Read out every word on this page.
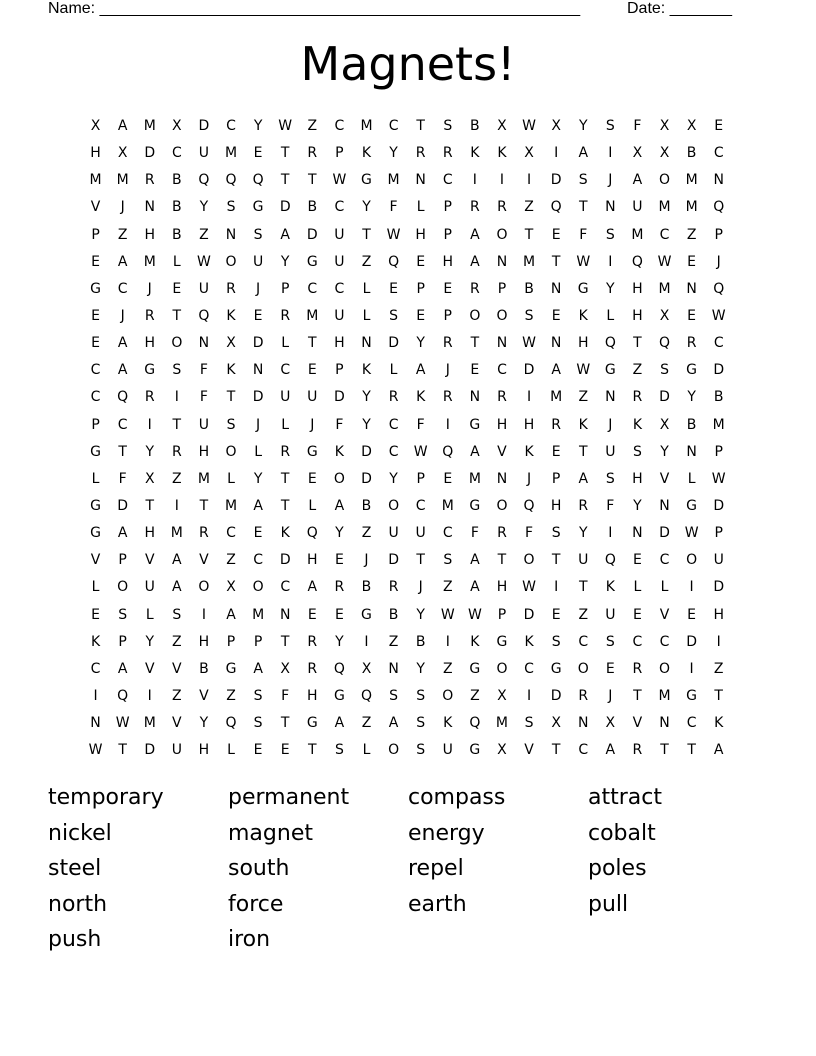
Name: ______________________________________________________	Date: _______
Magnets!
X	A	M	X	D	C	Y	W	Z	C	M	C	T	S	B	X	W	X	Y	S	F	X	X	E
H	X	D	C	U	M	E	T	R	P	K	Y	R	R	K	K	X	I	A	I	X	X	B	C
M	M	R	B	Q	Q	Q	T	T	W	G	M	N	C	I	I	I	D	S	J	A	O	M	N
V	J	N	B	Y	S	G	D	B	C	Y	F	L	P	R	R	Z	Q	T	N	U	M	M	Q
P	Z	H	B	Z	N	S	A	D	U	T	W	H	P	A	O	T	E	F	S	M	C	Z	P
E	A	M	L	W	O	U	Y	G	U	Z	Q	E	H	A	N	M	T	W	I	Q	W	E	J
G	C	J	E	U	R	J	P	C	C	L	E	P	E	R	P	B	N	G	Y	H	M	N	Q
E	J	R	T	Q	K	E	R	M	U	L	S	E	P	O	O	S	E	K	L	H	X	E	W
E	A	H	O	N	X	D	L	T	H	N	D	Y	R	T	N	W	N	H	Q	T	Q	R	C
C	A	G	S	F	K	N	C	E	P	K	L	A	J	E	C	D	A	W	G	Z	S	G	D
C	Q	R	I	F	T	D	U	U	D	Y	R	K	R	N	R	I	M	Z	N	R	D	Y	B
P	C	I	T	U	S	J	L	J	F	Y	C	F	I	G	H	H	R	K	J	K	X	B	M
G	T	Y	R	H	O	L	R	G	K	D	C	W	Q	A	V	K	E	T	U	S	Y	N	P
L	F	X	Z	M	L	Y	T	E	O	D	Y	P	E	M	N	J	P	A	S	H	V	L	W
G	D	T	I	T	M	A	T	L	A	B	O	C	M	G	O	Q	H	R	F	Y	N	G	D
G	A	H	M	R	C	E	K	Q	Y	Z	U	U	C	F	R	F	S	Y	I	N	D	W	P
V	P	V	A	V	Z	C	D	H	E	J	D	T	S	A	T	O	T	U	Q	E	C	O	U
L	O	U	A	O	X	O	C	A	R	B	R	J	Z	A	H	W	I	T	K	L	L	I	D
E	S	L	S	I	A	M	N	E	E	G	B	Y	W W	P	D	E	Z	U	E	V	E	H
K	P	Y	Z	H	P	P	T	R	Y	I	Z	B	I	K	G	K	S	C	S	C	C	D	I
C	A	V	V	B	G	A	X	R	Q	X	N	Y	Z	G	O	C	G	O	E	R	O	I	Z
I	Q	I	Z	V	Z	S	F	H	G	Q	S	S	O	Z	X	I	D	R	J	T	M	G	T
N	W	M	V	Y	Q	S	T	G	A	Z	A	S	K	Q	M	S	X	N	X	V	N	C	K
W	T	D	U	H	L	E	E	T	S	L	O	S	U	G	X	V	T	C	A	R	T	T	A
temporary	permanent	compass	attract
nickel	magnet	energy	cobalt
steel	south	repel	poles
north	force	earth	pull
push	iron
